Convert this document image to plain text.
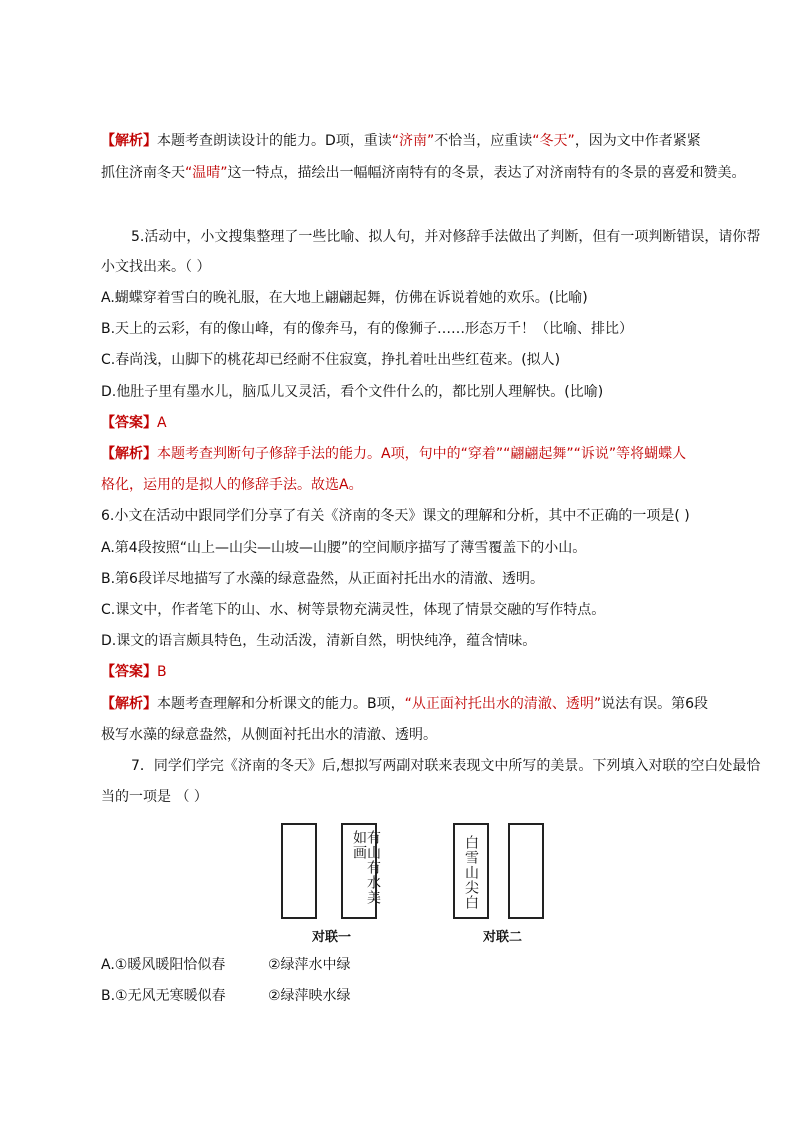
【解析】本题考查朗读设计的能力。D项，重读“济南”不恰当，应重读“冬天”，因为文中作者紧紧
抓住济南冬天“温晴”这一特点，描绘出一幅幅济南特有的冬景，表达了对济南特有的冬景的喜爱和赞美。
5.活动中，小文搜集整理了一些比喻、拟人句，并对修辞手法做出了判断，但有一项判断错误，请你帮
小文找出来。（ ）
A.蝴蝶穿着雪白的晚礼服，在大地上翩翩起舞，仿佛在诉说着她的欢乐。(比喻)
B.天上的云彩，有的像山峰，有的像奔马，有的像狮子……形态万千！（比喻、排比）
C.春尚浅，山脚下的桃花却已经耐不住寂寞，挣扎着吐出些红苞来。(拟人)
D.他肚子里有墨水儿，脑瓜儿又灵活，看个文件什么的，都比别人理解快。(比喻)
【答案】A
【解析】本题考查判断句子修辞手法的能力。A项，句中的“穿着”“翩翩起舞”“诉说”等将蝴蝶人
格化，运用的是拟人的修辞手法。故选A。
6.小文在活动中跟同学们分享了有关《济南的冬天》课文的理解和分析，其中不正确的一项是( )
A.第4段按照“山上—山尖—山坡—山腰”的空间顺序描写了薄雪覆盖下的小山。
B.第6段详尽地描写了水藻的绿意盎然，从正面衬托出水的清澈、透明。
C.课文中，作者笔下的山、水、树等景物充满灵性，体现了情景交融的写作特点。
D.课文的语言颇具特色，生动活泼，清新自然，明快纯净，蕴含情味。
【答案】B
【解析】本题考查理解和分析课文的能力。B项，“从正面衬托出水的清澈、透明”说法有误。第6段
极写水藻的绿意盎然，从侧面衬托出水的清澈、透明。
7．同学们学完《济南的冬天》后,想拟写两副对联来表现文中所写的美景。下列填入对联的空白处最恰
当的一项是 （ ）
有山有水美如画
对联一
白雪山尖白
对联二
A.①暖风暖阳恰似春	②绿萍水中绿
B.①无风无寒暖似春	②绿萍映水绿
